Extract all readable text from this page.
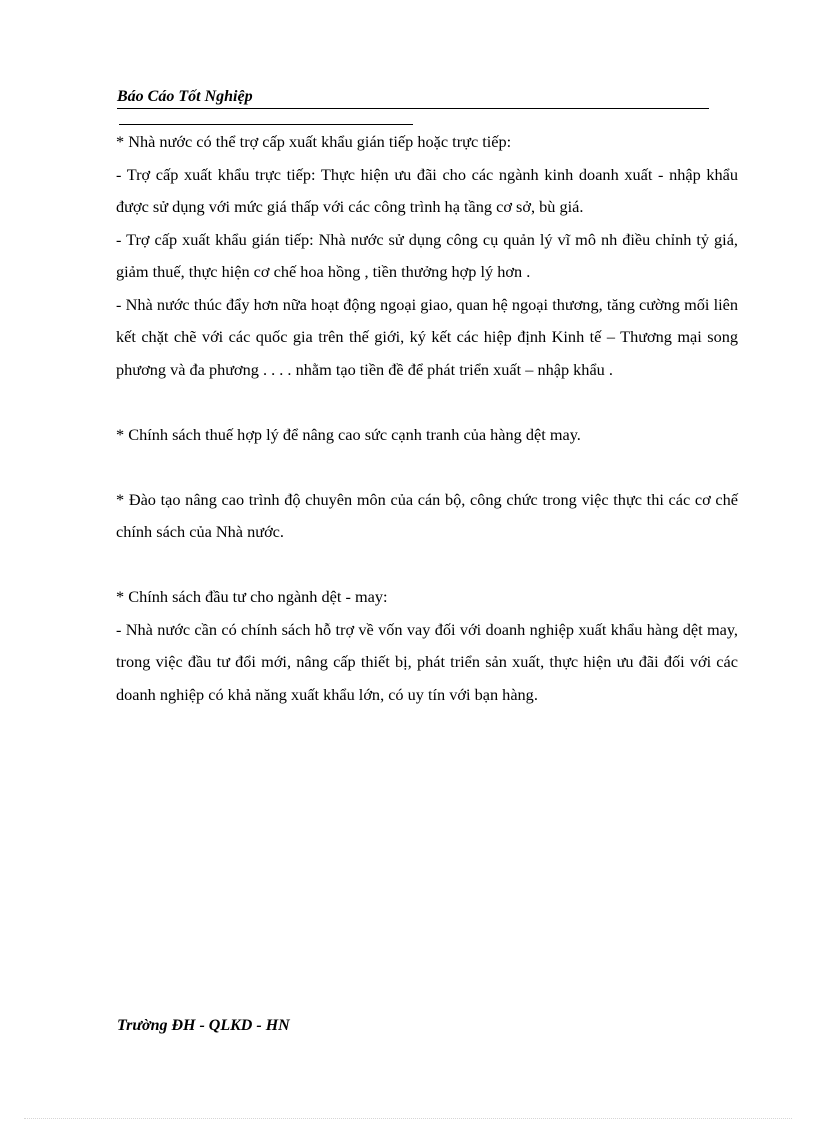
Báo Cáo Tốt Nghiệp

* Nhà nước có thể trợ cấp xuất khẩu gián tiếp hoặc trực tiếp:

- Trợ cấp xuất khẩu trực tiếp: Thực hiện ưu đãi cho các ngành kinh doanh xuất - nhập khẩu được sử dụng với mức giá thấp với các công trình hạ tầng cơ sở, bù giá.

- Trợ cấp xuất khẩu gián tiếp: Nhà nước sử dụng công cụ quản lý vĩ mô nh điều chỉnh tỷ giá, giảm thuế, thực hiện cơ chế hoa hồng , tiền thưởng hợp lý hơn .

- Nhà nước thúc đẩy hơn nữa hoạt động ngoại giao, quan hệ ngoại thương, tăng cường mối liên kết chặt chẽ với các quốc gia trên thế giới, ký kết các hiệp định Kinh tế – Thương mại song phương và đa phương . . . . nhằm tạo tiền đề để phát triển xuất – nhập khẩu .

* Chính sách thuế hợp lý để nâng cao sức cạnh tranh của hàng dệt may.

* Đào tạo nâng cao trình độ chuyên môn của cán bộ, công chức trong việc thực thi các cơ chế chính sách của Nhà nước.

* Chính sách đầu tư cho ngành dệt - may:

- Nhà nước cần có chính sách hỗ trợ về vốn vay đối với doanh nghiệp xuất khẩu hàng dệt may, trong việc đầu tư đổi mới, nâng cấp thiết bị, phát triển sản xuất, thực hiện ưu đãi đối với các doanh nghiệp có khả năng xuất khẩu lớn, có uy tín với bạn hàng.

Trường ĐH - QLKD - HN
